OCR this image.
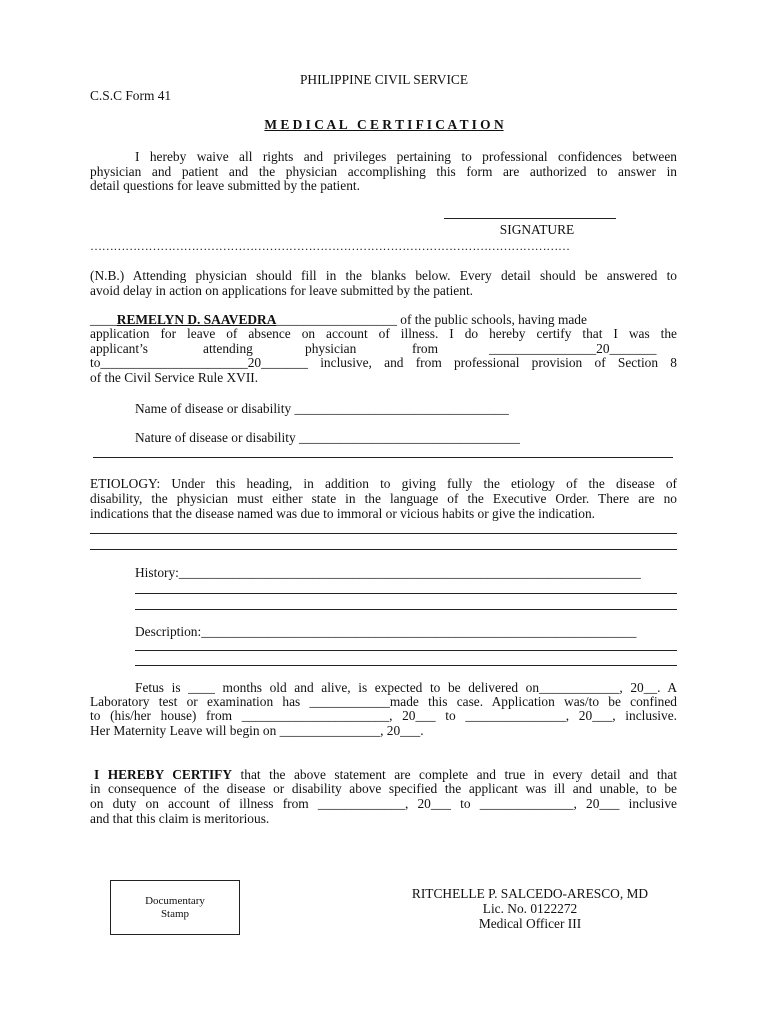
PHILIPPINE CIVIL SERVICE
C.S.C Form 41
M E D I C A L   C E R T I F I C A T I O N
I hereby waive all rights and privileges pertaining to professional confidences between
physician and patient and the physician accomplishing this form are authorized to answer in
detail questions for leave submitted by the patient.
SIGNATURE
……………………………………………………………………………………………………………
(N.B.) Attending physician should fill in the blanks below. Every detail should be answered to
avoid delay in action on applications for leave submitted by the patient.
____REMELYN D. SAAVEDRA__________________ of the public schools, having made
application for leave of absence on account of illness. I do hereby certify that I was the
applicant’s	attending	physician	from	________________20_______
to______________________20_______ inclusive, and from professional provision of Section 8
of the Civil Service Rule XVII.
Name of disease or disability ________________________________
Nature of disease or disability _________________________________
ETIOLOGY: Under this heading, in addition to giving fully the etiology of the disease of
disability, the physician must either state in the language of the Executive Order. There are no
indications that the disease named was due to immoral or vicious habits or give the indication.
History:_____________________________________________________________________
Description:_________________________________________________________________
Fetus is ____ months old and alive, is expected to be delivered on____________, 20__. A
Laboratory test or examination has ____________made this case. Application was/to be confined
to (his/her house) from ______________________, 20___ to _______________, 20___, inclusive.
Her Maternity Leave will begin on _______________, 20___.
I HEREBY CERTIFY that the above statement are complete and true in every detail and that
in consequence of the disease or disability above specified the applicant was ill and unable, to be
on duty on account of illness from _____________, 20___ to ______________, 20___ inclusive
and that this claim is meritorious.
Documentary
Stamp
RITCHELLE P. SALCEDO-ARESCO, MD
Lic. No. 0122272
Medical Officer III
